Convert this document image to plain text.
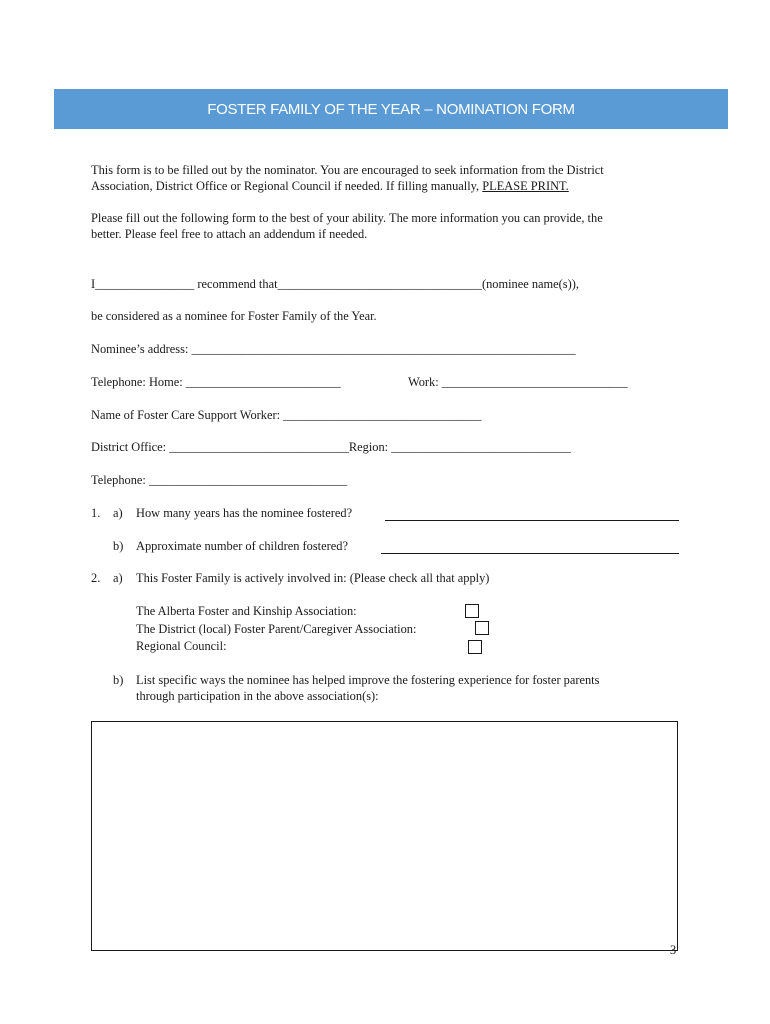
FOSTER FAMILY OF THE YEAR – NOMINATION FORM

This form is to be filled out by the nominator. You are encouraged to seek information from the District

Association, District Office or Regional Council if needed. If filling manually, PLEASE PRINT.

Please fill out the following form to the best of your ability. The more information you can provide, the

better. Please feel free to attach an addendum if needed.

I________________ recommend that_________________________________(nominee name(s)),

be considered as a nominee for Foster Family of the Year.

Nominee’s address: ______________________________________________________________

Telephone: Home: _________________________	Work: ______________________________

Name of Foster Care Support Worker: ________________________________

District Office: _____________________________Region: _____________________________

Telephone: ________________________________

1. a) How many years has the nominee fostered?

b) Approximate number of children fostered?

2. a) This Foster Family is actively involved in: (Please check all that apply)

The Alberta Foster and Kinship Association:

The District (local) Foster Parent/Caregiver Association:

Regional Council:

b) List specific ways the nominee has helped improve the fostering experience for foster parents

through participation in the above association(s):

3
